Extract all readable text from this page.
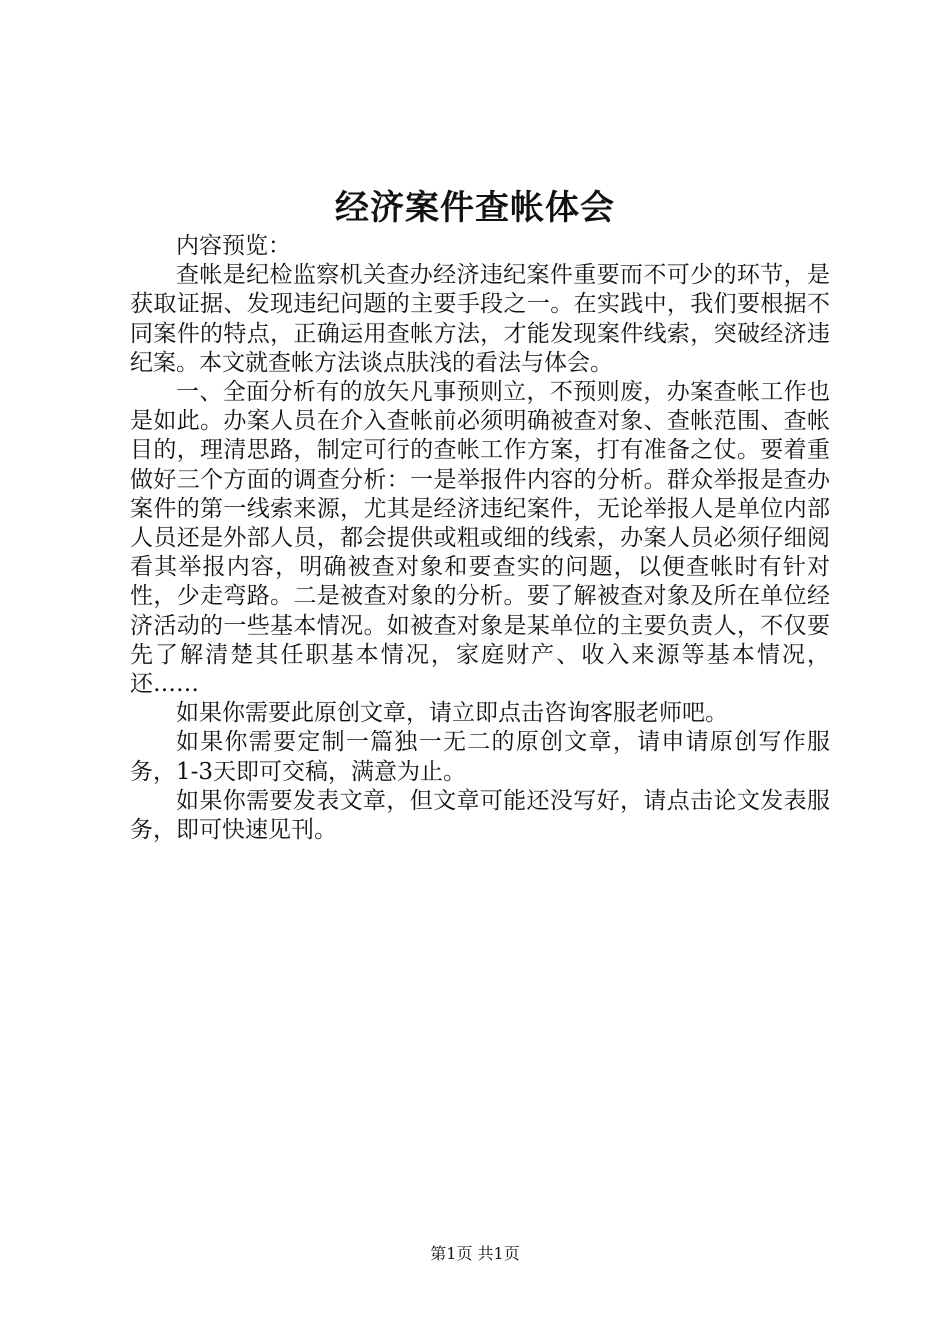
经济案件查帐体会

内容预览：

查帐是纪检监察机关查办经济违纪案件重要而不可少的环节，是获取证据、发现违纪问题的主要手段之一。在实践中，我们要根据不同案件的特点，正确运用查帐方法，才能发现案件线索，突破经济违纪案。本文就查帐方法谈点肤浅的看法与体会。

一、全面分析有的放矢凡事预则立，不预则废，办案查帐工作也是如此。办案人员在介入查帐前必须明确被查对象、查帐范围、查帐目的，理清思路，制定可行的查帐工作方案，打有准备之仗。要着重做好三个方面的调查分析：一是举报件内容的分析。群众举报是查办案件的第一线索来源，尤其是经济违纪案件，无论举报人是单位内部人员还是外部人员，都会提供或粗或细的线索，办案人员必须仔细阅看其举报内容，明确被查对象和要查实的问题，以便查帐时有针对性，少走弯路。二是被查对象的分析。要了解被查对象及所在单位经济活动的一些基本情况。如被查对象是某单位的主要负责人，不仅要先了解清楚其任职基本情况，家庭财产、收入来源等基本情况，还……

如果你需要此原创文章，请立即点击咨询客服老师吧。

如果你需要定制一篇独一无二的原创文章，请申请原创写作服务，1-3天即可交稿，满意为止。

如果你需要发表文章，但文章可能还没写好，请点击论文发表服务，即可快速见刊。

第1页 共1页
